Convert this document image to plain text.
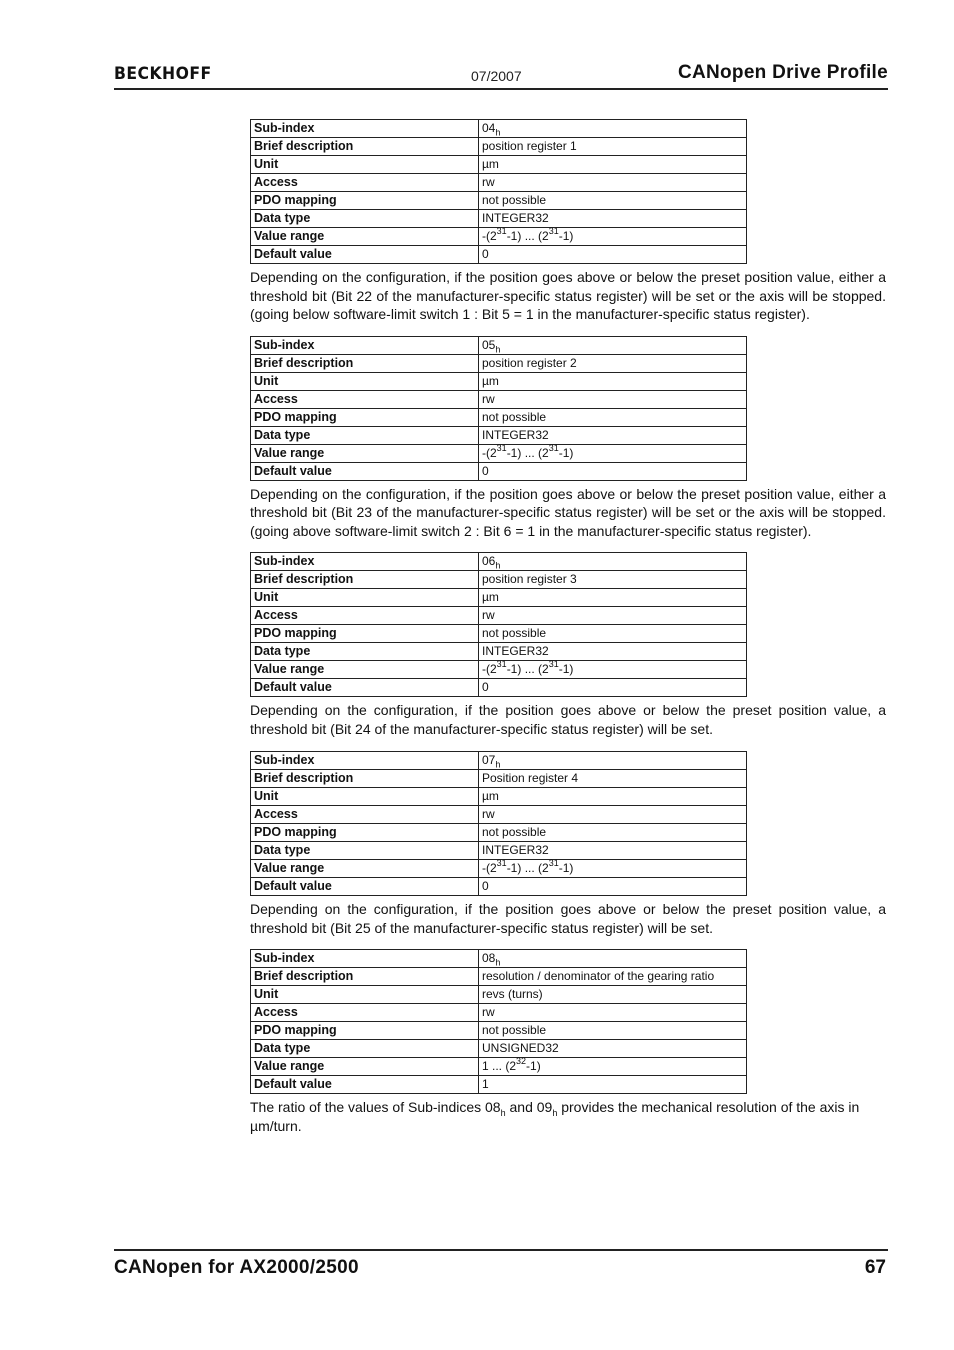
BECKHOFF	07/2007	CANopen Drive Profile
Sub-index	$04_h$
Brief description	position register 1
Unit	µm
Access	rw
PDO mapping	not possible
Data type	INTEGER32
Value range	$-(2^{31}-1)$ ... $(2^{31}-1)$
Default value	0

Depending on the configuration, if the position goes above or below the preset position value, either a threshold bit (Bit 22 of the manufacturer-specific status register) will be set or the axis will be stopped. (going below software-limit switch 1 : Bit 5 = 1 in the manufacturer-specific status register).

Sub-index	$05_h$
Brief description	position register 2
Unit	µm
Access	rw
PDO mapping	not possible
Data type	INTEGER32
Value range	$-(2^{31}-1)$ ... $(2^{31}-1)$
Default value	0

Depending on the configuration, if the position goes above or below the preset position value, either a threshold bit (Bit 23 of the manufacturer-specific status register) will be set or the axis will be stopped. (going above software-limit switch 2 : Bit 6 = 1 in the manufacturer-specific status register).

Sub-index	$06_h$
Brief description	position register 3
Unit	µm
Access	rw
PDO mapping	not possible
Data type	INTEGER32
Value range	$-(2^{31}-1)$ ... $(2^{31}-1)$
Default value	0

Depending on the configuration, if the position goes above or below the preset position value, a threshold bit (Bit 24 of the manufacturer-specific status register) will be set.

Sub-index	$07_h$
Brief description	Position register 4
Unit	µm
Access	rw
PDO mapping	not possible
Data type	INTEGER32
Value range	$-(2^{31}-1)$ ... $(2^{31}-1)$
Default value	0

Depending on the configuration, if the position goes above or below the preset position value, a threshold bit (Bit 25 of the manufacturer-specific status register) will be set.

Sub-index	$08_h$
Brief description	resolution / denominator of the gearing ratio
Unit	revs (turns)
Access	rw
PDO mapping	not possible
Data type	UNSIGNED32
Value range	1 ... $(2^{32}-1)$
Default value	1

The ratio of the values of Sub-indices $08_h$ and $09_h$ provides the mechanical resolution of the axis in µm/turn.

CANopen for AX2000/2500	67
